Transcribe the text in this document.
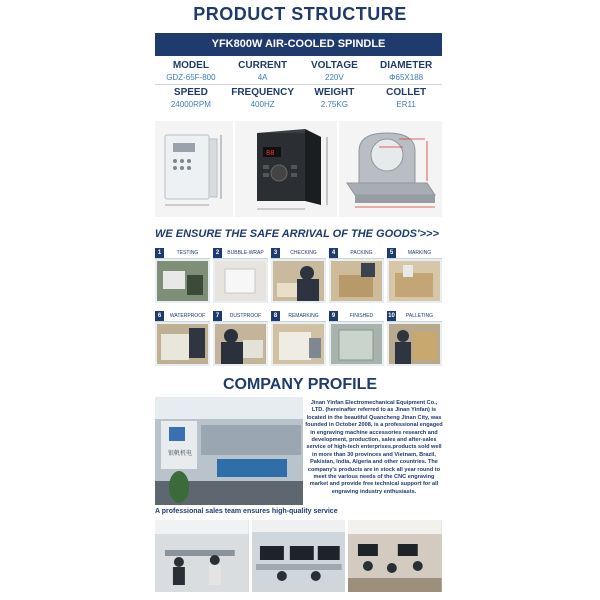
PRODUCT STRUCTURE
YFK800W AIR-COOLED SPINDLE
MODEL	CURRENT	VOLTAGE	DIAMETER
GDZ-65F-800	4A	220V	Φ65X188
SPEED	FREQUENCY	WEIGHT	COLLET
24000RPM	400HZ	2.75KG	ER11
88
WE ENSURE THE SAFE ARRIVAL OF THE GOODS'>>>
1	TESTING	2	BUBBLE-WRAP	3	CHECKING	4	PACKING	5	MARKING
6	WATERPROOF	7	DUSTPROOF	8	REMARKING	9	FINISHED	10	PALLETING
COMPANY PROFILE
银帆机电
Jinan Yinfan Electromechanical Equipment Co., LTD. (hereinafter referred to as Jinan Yinfan) is located in the beautiful Quancheng Jinan City, was founded in October 2008, is a professional engaged in engraving machine accessories research and development, production, sales and after-sales service of high-tech enterprises.products sold well in more than 30 provinces and Vietnam, Brazil, Pakistan, India, Algeria and other countries. The company's products are in stock all year round to meet the various needs of the CNC engraving market and provide free technical support for all engraving industry enthusiasts.
A professional sales team ensures high-quality service
